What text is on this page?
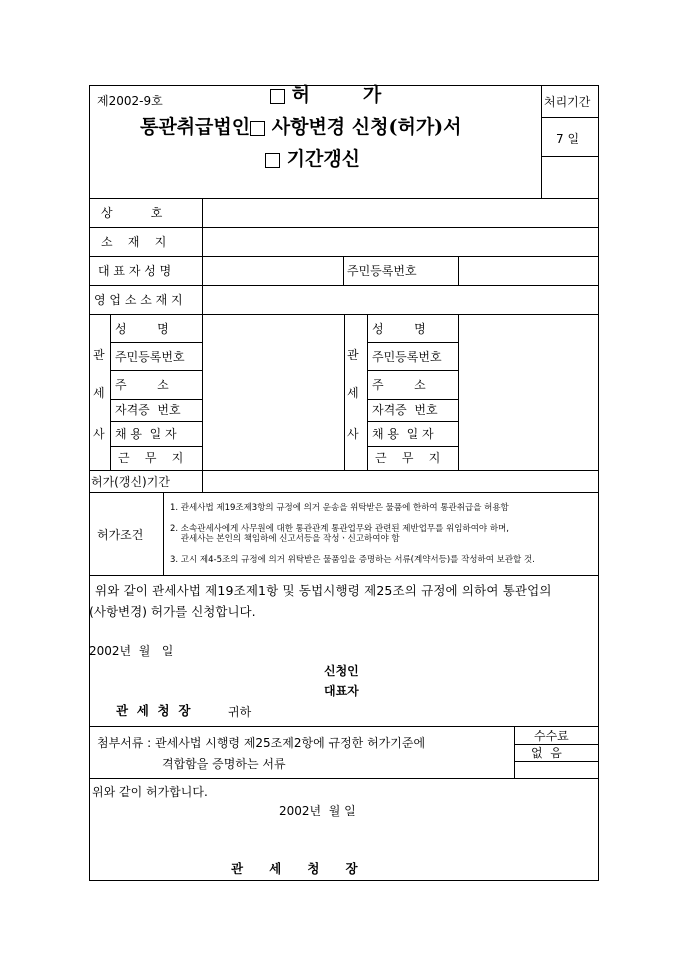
제2002-9호	허        가
통관취급법인 사항변경 신청(허가)서
기간갱신
처리기간
7 일
상          호
소    재    지
대 표 자 성 명	주민등록번호
영 업 소 소 재 지
관
세
사
성        명
주민등록번호
주        소
자격증  번호
채 용  일 자
근    무    지
관
세
사
성        명
주민등록번호
주        소
자격증  번호
채 용  일 자
근    무    지
허가(갱신)기간
허가조건
1. 관세사법 제19조제3항의 규정에 의거 운송을 위탁받은 물품에 한하여 통관취급을 허용함
2. 소속관세사에게 사무원에 대한 통관관계 통관업무와 관련된 제반업무를 위임하여야 하며,
관세사는 본인의 책임하에 신고서등을 작성ㆍ신고하여야 함
3. 고시 제4-5조의 규정에 의거 위탁받은 물품임을 증명하는 서류(계약서등)를 작성하여 보관할 것.
위와 같이 관세사법 제19조제1항 및 동법시행령 제25조의 규정에 의하여 통관업의
(사항변경) 허가를 신청합니다.
2002년  월   일
신청인
대표자
관  세  청  장	귀하
첨부서류 : 관세사법 시행령 제25조제2항에 규정한 허가기준에
격합함을 증명하는 서류
수수료
없  음
위와 같이 허가합니다.
2002년  월 일
관      세      청      장
